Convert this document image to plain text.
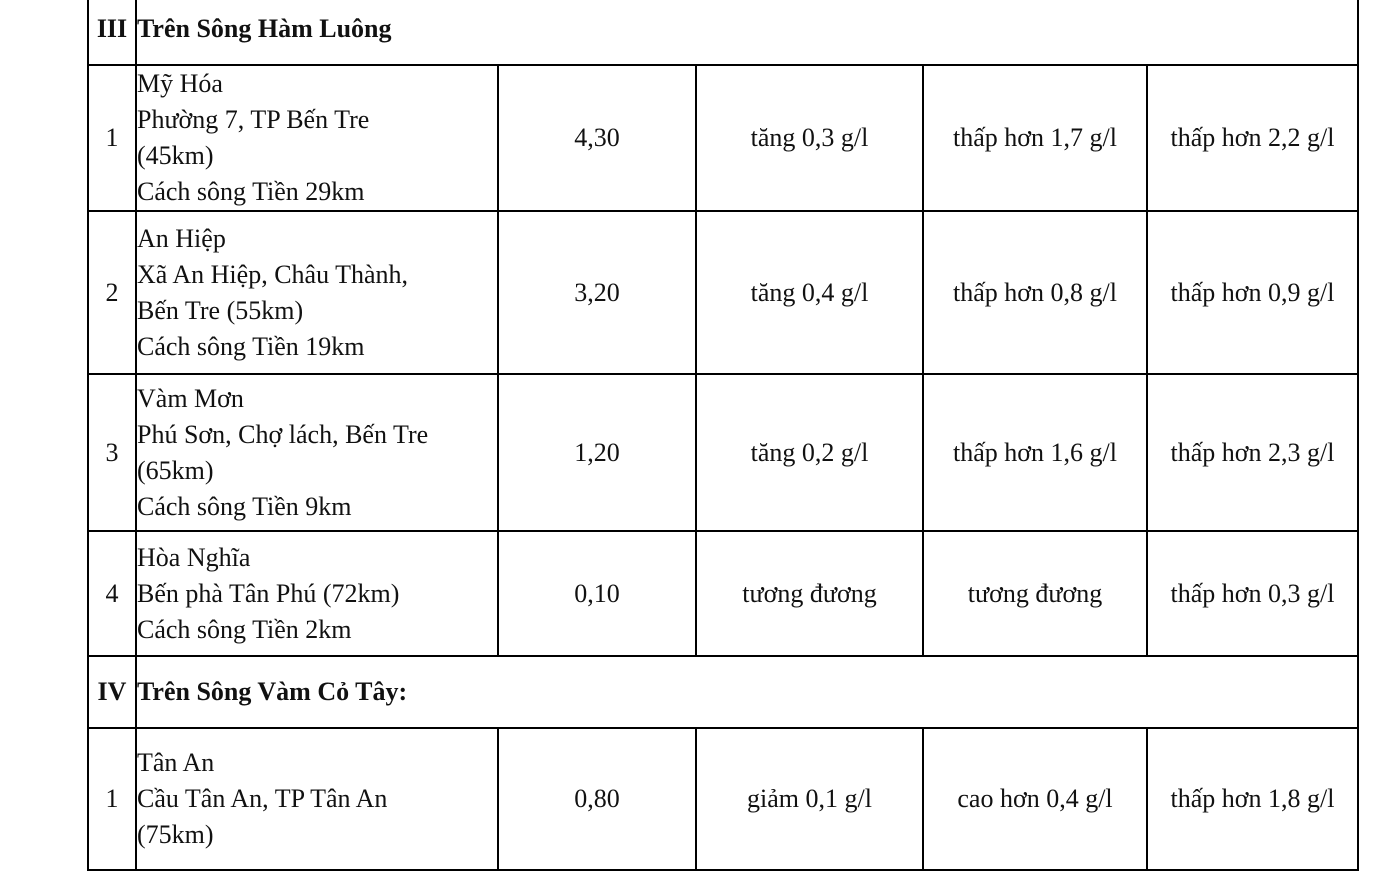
III	Trên Sông Hàm Luông				
1	Mỹ Hóa
Phường 7, TP Bến Tre
(45km)
Cách sông Tiền 29km	4,30	tăng 0,3 g/l	thấp hơn 1,7 g/l	thấp hơn 2,2 g/l
2	An Hiệp
Xã An Hiệp, Châu Thành,
Bến Tre (55km)
Cách sông Tiền 19km	3,20	tăng 0,4 g/l	thấp hơn 0,8 g/l	thấp hơn 0,9 g/l
3	Vàm Mơn
Phú Sơn, Chợ lách, Bến Tre
(65km)
Cách sông Tiền 9km	1,20	tăng 0,2 g/l	thấp hơn 1,6 g/l	thấp hơn 2,3 g/l
4	Hòa Nghĩa
Bến phà Tân Phú (72km)
Cách sông Tiền 2km	0,10	tương đương	tương đương	thấp hơn 0,3 g/l
IV	Trên Sông Vàm Cỏ Tây:				
1	Tân An
Cầu Tân An, TP Tân An
(75km)	0,80	giảm 0,1 g/l	cao hơn 0,4 g/l	thấp hơn 1,8 g/l
